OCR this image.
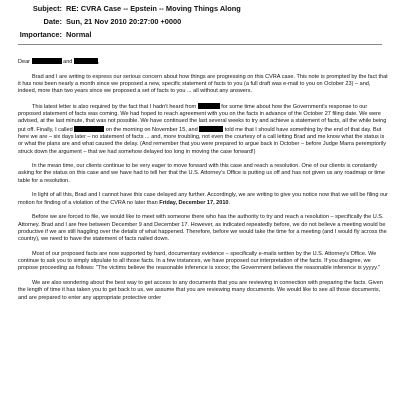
Subject: RE: CVRA Case -- Epstein -- Moving Things Along
Date: Sun, 21 Nov 2010 20:27:00 +0000
Importance: Normal

Dear	and	,

Brad and I are writing to express our serious concern about how things are progressing on this CVRA case. This note is prompted by the fact that it has now been nearly a month since we proposed a new, specific statement of facts to you (a full draft was e-mail to you on October 23) – and, indeed, more than two years since we proposed a set of facts to you ... all without any answers.

This latest letter is also required by the fact that I hadn't heard from	for some time about how the Government's response to our proposed statement of facts was coming. We had hoped to reach agreement with you on the facts in advance of the October 27 filing date. We were advised, at the last minute, that was not possible. We have continued the last several weeks to try and achieve a statement of facts, all the while being put off. Finally, I called	on the morning on November 15, and	told me that I should have something by the end of that day. But here we are – six days later – no statement of facts ... and, more troubling, not even the courtesy of a call letting Brad and me know what the status is or what the plans are and what caused the delay. (And remember that you were prepared to argue back in October – before Judge Marra peremptorily struck down the argument – that we had somehow delayed too long in moving the case forward!)

In the mean time, our clients continue to be very eager to move forward with this case and reach a resolution. One of our clients is constantly asking for the status on this case and we have had to tell her that the U.S. Attorney's Office is putting us off and has not given us any roadmap or time table for a resolution.

In light of all this, Brad and I cannot have this case delayed any further. Accordingly, we are writing to give you notice now that we will be filing our motion for finding of a violation of the CVRA no later than Friday, December 17, 2010.

Before we are forced to file, we would like to meet with someone there who has the authority to try and reach a resolution – specifically the U.S. Attorney. Brad and I are free between December 9 and December 17. However, as indicated repeatedly before, we do not believe a meeting would be productive if we are still haggling over the details of what happened. Therefore, before we would take the time for a meeting (and I would fly across the country), we need to have the statement of facts nailed down.

Most of our proposed facts are now supported by hard, documentary evidence – specifically e-mails written by the U.S. Attorney's Office. We continue to ask you to simply stipulate to all those facts. In a few instances, we have proposed our interpretation of the facts. If you disagree, we propose proceeding as follows: "The victims believe the reasonable inference is xxxxx; the Government believes the reasonable inference is yyyyy."

We are also wondering about the best way to get access to any documents that you are reviewing in connection with preparing the facts. Given the length of time it has taken you to get back to us, we assume that you are reviewing many documents. We would like to see all those documents, and are prepared to enter any appropriate protective order
